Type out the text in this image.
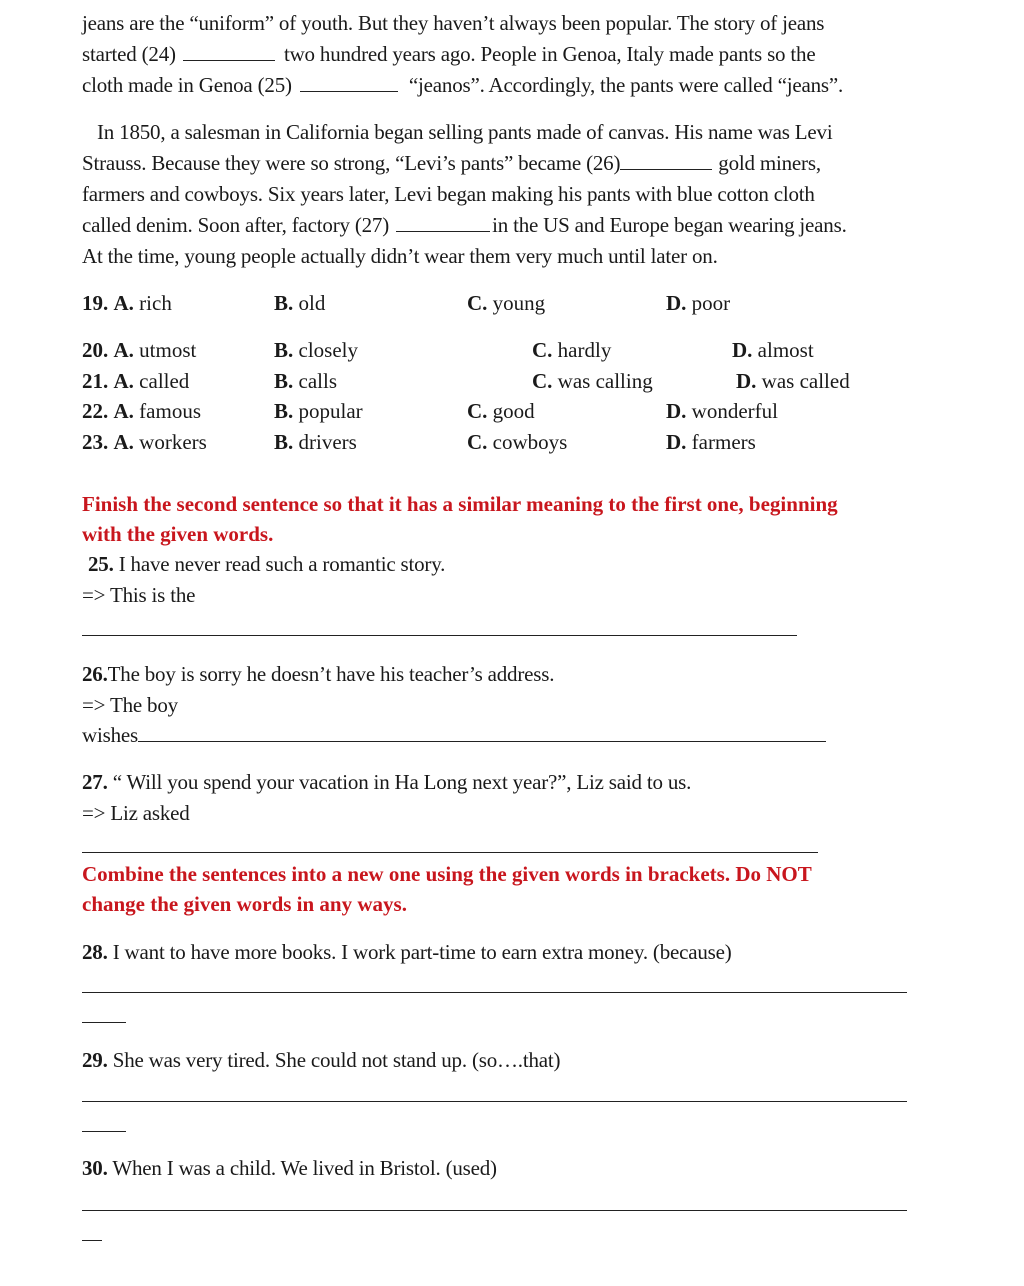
jeans are the “uniform” of youth. But they haven’t always been popular. The story of jeans
started (24)	two hundred years ago. People in Genoa, Italy made pants so the
cloth made in Genoa (25)	“jeanos”. Accordingly, the pants were called “jeans”.
In 1850, a salesman in California began selling pants made of canvas. His name was Levi
Strauss. Because they were so strong, “Levi’s pants” became (26)	gold miners,
farmers and cowboys. Six years later, Levi began making his pants with blue cotton cloth
called denim. Soon after, factory (27)	in the US and Europe began wearing jeans.
At the time, young people actually didn’t wear them very much until later on.
19. A. rich	B. old	C. young	D. poor
20. A. utmost	B. closely	C. hardly	D. almost
21. A. called	B. calls	C. was calling	D. was called
22. A. famous	B. popular	C. good	D. wonderful
23. A. workers	B. drivers	C. cowboys	D. farmers
Finish the second sentence so that it has a similar meaning to the first one, beginning
with the given words.
25. I have never read such a romantic story.
=> This is the
26.The boy is sorry he doesn’t have his teacher’s address.
=> The boy
wishes
27. “ Will you spend your vacation in Ha Long next year?”, Liz said to us.
=> Liz asked
Combine the sentences into a new one using the given words in brackets. Do NOT
change the given words in any ways.
28. I want to have more books. I work part-time to earn extra money. (because)
29. She was very tired. She could not stand up. (so….that)
30. When I was a child. We lived in Bristol. (used)
